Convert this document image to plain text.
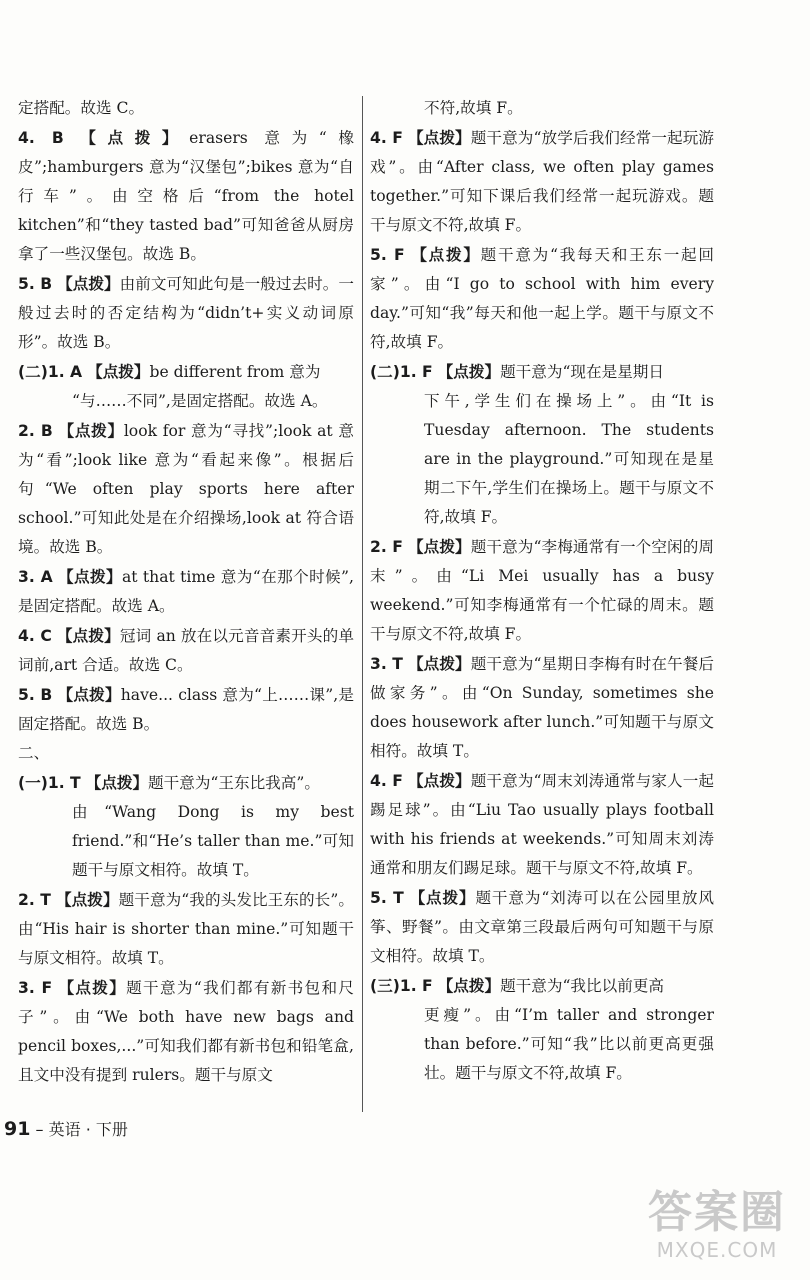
定搭配。故选 C。
4. B 【点拨】erasers 意为“橡皮”;hamburgers 意为“汉堡包”;bikes 意为“自行车”。由空格后“from the hotel kitchen”和“they tasted bad”可知爸爸从厨房拿了一些汉堡包。故选 B。
5. B 【点拨】由前文可知此句是一般过去时。一般过去时的否定结构为“didn’t+实义动词原形”。故选 B。
(二)1. A 【点拨】be different from 意为
“与……不同”,是固定搭配。故选 A。
2. B 【点拨】look for 意为“寻找”;look at 意为“看”;look like 意为“看起来像”。根据后句“We often play sports here after school.”可知此处是在介绍操场,look at 符合语境。故选 B。
3. A 【点拨】at that time 意为“在那个时候”,是固定搭配。故选 A。
4. C 【点拨】冠词 an 放在以元音音素开头的单词前,art 合适。故选 C。
5. B 【点拨】have... class 意为“上……课”,是固定搭配。故选 B。
二、
(一)1. T 【点拨】题干意为“王东比我高”。
由“Wang Dong is my best friend.”和“He’s taller than me.”可知题干与原文相符。故填 T。
2. T 【点拨】题干意为“我的头发比王东的长”。由“His hair is shorter than mine.”可知题干与原文相符。故填 T。
3. F 【点拨】题干意为“我们都有新书包和尺子”。由“We both have new bags and pencil boxes,...”可知我们都有新书包和铅笔盒,且文中没有提到 rulers。题干与原文
不符,故填 F。
4. F 【点拨】题干意为“放学后我们经常一起玩游戏”。由“After class, we often play games together.”可知下课后我们经常一起玩游戏。题干与原文不符,故填 F。
5. F 【点拨】题干意为“我每天和王东一起回家”。由“I go to school with him every day.”可知“我”每天和他一起上学。题干与原文不符,故填 F。
(二)1. F 【点拨】题干意为“现在是星期日
下午,学生们在操场上”。由“It is Tuesday afternoon. The students are in the playground.”可知现在是星期二下午,学生们在操场上。题干与原文不符,故填 F。
2. F 【点拨】题干意为“李梅通常有一个空闲的周末”。由“Li Mei usually has a busy weekend.”可知李梅通常有一个忙碌的周末。题干与原文不符,故填 F。
3. T 【点拨】题干意为“星期日李梅有时在午餐后做家务”。由“On Sunday, sometimes she does housework after lunch.”可知题干与原文相符。故填 T。
4. F 【点拨】题干意为“周末刘涛通常与家人一起踢足球”。由“Liu Tao usually plays football with his friends at weekends.”可知周末刘涛通常和朋友们踢足球。题干与原文不符,故填 F。
5. T 【点拨】题干意为“刘涛可以在公园里放风筝、野餐”。由文章第三段最后两句可知题干与原文相符。故填 T。
(三)1. F 【点拨】题干意为“我比以前更高
更瘦”。由“I’m taller and stronger than before.”可知“我”比以前更高更强壮。题干与原文不符,故填 F。
91 – 英语 · 下册
答案圈
MXQE.COM
